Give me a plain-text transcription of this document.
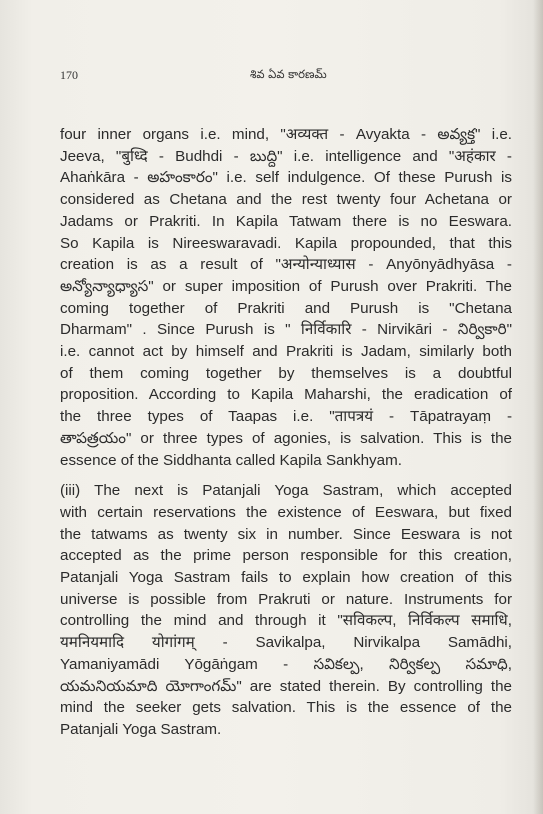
170	శివ ఏవ కారణమ్
four inner organs i.e. mind, "अव्यक्त - Avyakta - అవ్యక్త" i.e.
Jeeva, "बुध्दि - Budhdi - బుద్ధి" i.e. intelligence and "अहंकार -
Ahaṅkāra - అహంకారం" i.e. self indulgence. Of these Purush is
considered as Chetana and the rest twenty four Achetana or
Jadams or Prakriti. In Kapila Tatwam there is no Eeswara.
So Kapila is Nireeswaravadi. Kapila propounded, that this
creation is as a result of "अन्योन्याध्यास - Anyōnyādhyāsa -
అన్యోన్యాధ్యాస" or super imposition of Purush over Prakriti. The
coming together of Prakriti and Purush is "Chetana
Dharmam" . Since Purush is " निर्विकारि - Nirvikāri - నిర్వికారి"
i.e. cannot act by himself and Prakriti is Jadam, similarly both
of them coming together by themselves is a doubtful
proposition. According to Kapila Maharshi, the eradication of
the three types of Taapas i.e. "तापत्रयं - Tāpatrayaṃ -
తాపత్రయం" or three types of agonies, is salvation. This is the
essence of the Siddhanta called Kapila Sankhyam.
(iii) The next is Patanjali Yoga Sastram, which accepted
with certain reservations the existence of Eeswara, but fixed
the tatwams as twenty six in number. Since Eeswara is not
accepted as the prime person responsible for this creation,
Patanjali Yoga Sastram fails to explain how creation of this
universe is possible from Prakruti or nature. Instruments for
controlling the mind and through it "सविकल्प, निर्विकल्प समाधि,
यमनियमादि योगांगम् - Savikalpa, Nirvikalpa Samādhi,
Yamaniyamādi Yōgāṅgam - సవికల్ప, నిర్వికల్ప సమాధి,
యమనియమాది యోగాంగమ్" are stated therein. By controlling the
mind the seeker gets salvation. This is the essence of the
Patanjali Yoga Sastram.
